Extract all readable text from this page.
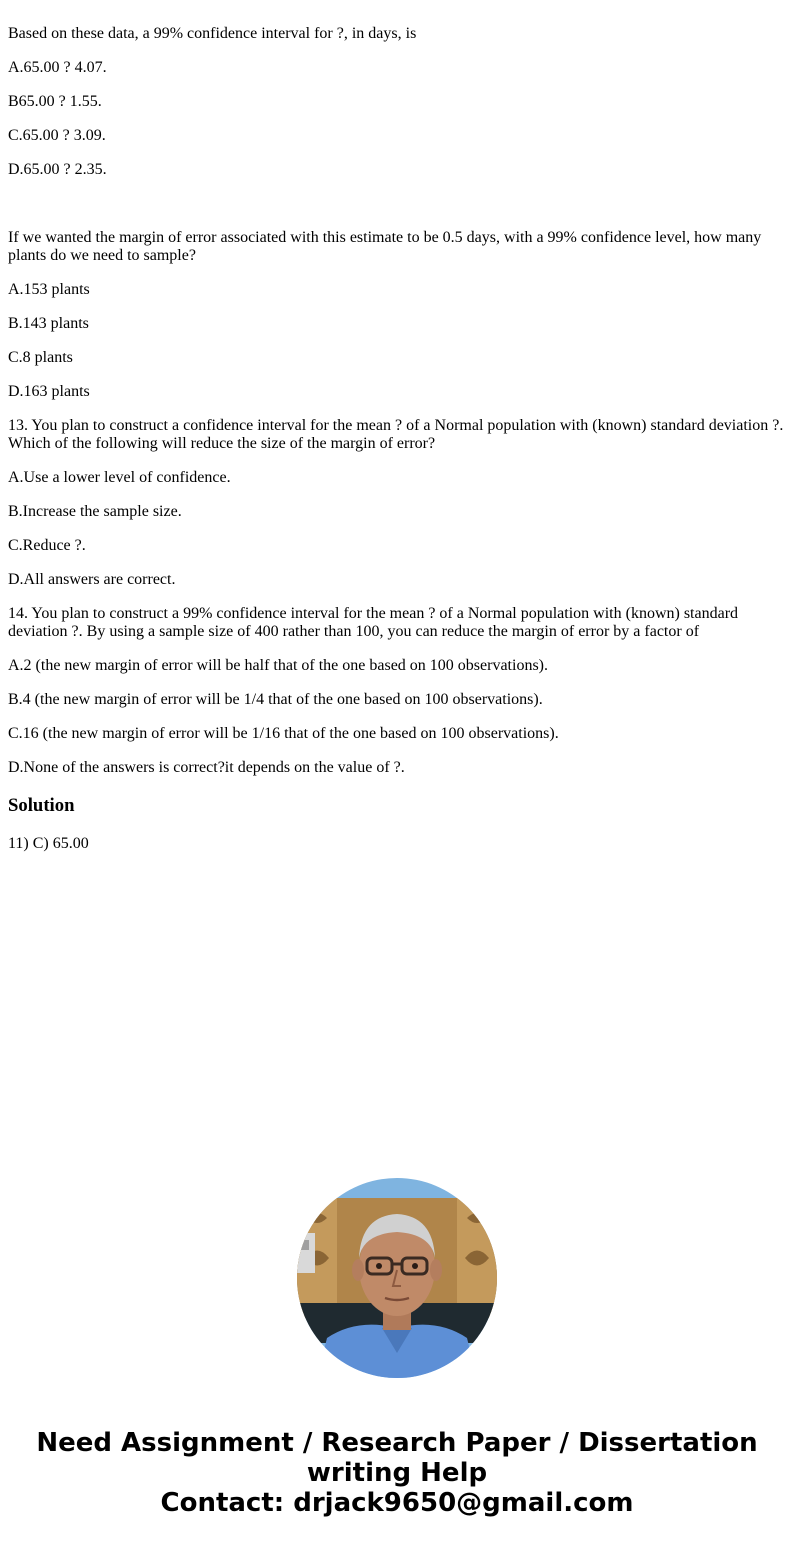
Based on these data, a 99% confidence interval for ?, in days, is

A.65.00 ? 4.07.

B65.00 ? 1.55.

C.65.00 ? 3.09.

D.65.00 ? 2.35.

If we wanted the margin of error associated with this estimate to be 0.5 days, with a 99% confidence level, how many plants do we need to sample?

A.153 plants

B.143 plants

C.8 plants

D.163 plants

13. You plan to construct a confidence interval for the mean ? of a Normal population with (known) standard deviation ?. Which of the following will reduce the size of the margin of error?

A.Use a lower level of confidence.

B.Increase the sample size.

C.Reduce ?.

D.All answers are correct.

14. You plan to construct a 99% confidence interval for the mean ? of a Normal population with (known) standard deviation ?. By using a sample size of 400 rather than 100, you can reduce the margin of error by a factor of

A.2 (the new margin of error will be half that of the one based on 100 observations).

B.4 (the new margin of error will be 1/4 that of the one based on 100 observations).

C.16 (the new margin of error will be 1/16 that of the one based on 100 observations).

D.None of the answers is correct?it depends on the value of ?.

Solution

11) C) 65.00

Need Assignment / Research Paper / Dissertation
writing Help
Contact: drjack9650@gmail.com
